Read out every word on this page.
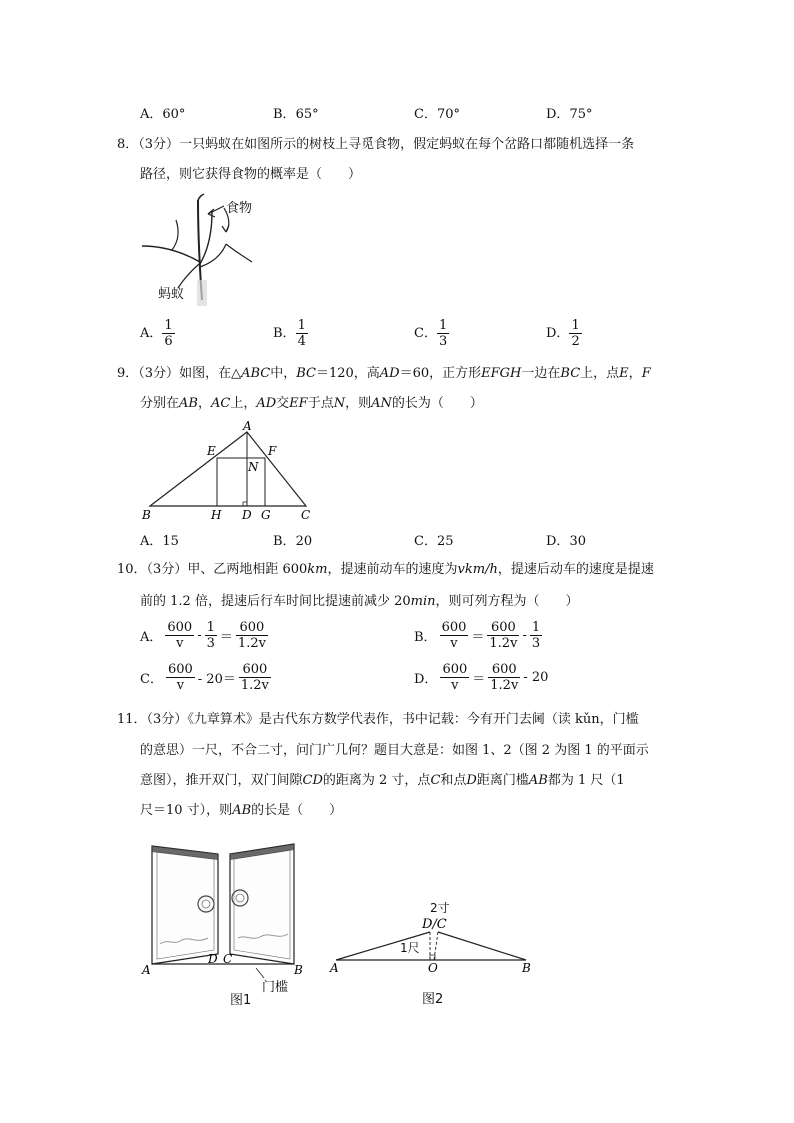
A．60°	B．65°	C．70°	D．75°
8．（3分）一只蚂蚁在如图所示的树枝上寻觅食物，假定蚂蚁在每个岔路口都随机选择一条
路径，则它获得食物的概率是（　　）
食物
蚂蚁
A． $\frac{1}{6}$	B． $\frac{1}{4}$	C． $\frac{1}{3}$	D． $\frac{1}{2}$
9．（3分）如图，在△ABC中，BC＝120，高AD＝60，正方形EFGH一边在BC上，点E，F
分别在AB，AC上，AD交EF于点N，则AN的长为（　　）
A
B	C
D
E	F
G
H
N
A．15	B．20	C．25	D．30
10．（3分）甲、乙两地相距 600km，提速前动车的速度为vkm/h，提速后动车的速度是提速
前的 1.2 倍，提速后行车时间比提速前减少 20min，则可列方程为（　　）
A． $\frac{600}{v} - \frac{1}{3} = \frac{600}{1.2v}$	B． $\frac{600}{v} = \frac{600}{1.2v} - \frac{1}{3}$
C． $\frac{600}{v} - 20= \frac{600}{1.2v}$	D． $\frac{600}{v} = \frac{600}{1.2v} - 20$
11．（3分）《九章算术》是古代东方数学代表作，书中记载：今有开门去阃（读 kǔn，门槛
的意思）一尺，不合二寸，问门广几何？题目大意是：如图 1、2（图 2 为图 1 的平面示
意图），推开双门，双门间隙CD的距离为 2 寸，点C和点D距离门槛AB都为 1 尺（1
尺＝10 寸），则AB的长是（　　）
A	B
D C
门槛
图1
2寸
D/C
1尺
A	O	B
图2
